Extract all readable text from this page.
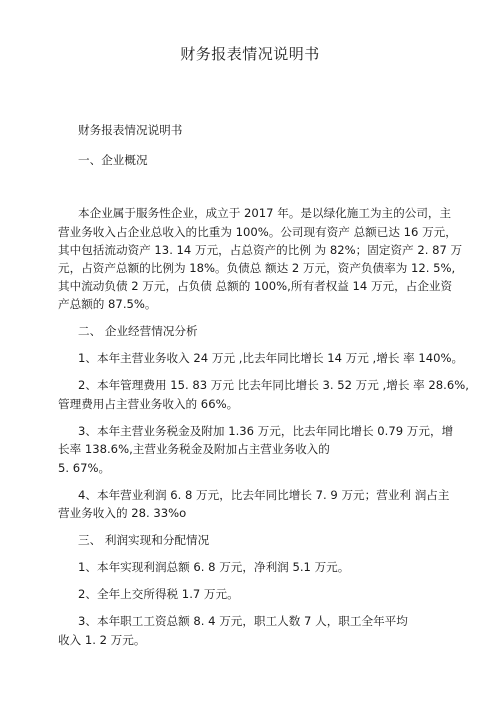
财务报表情况说明书
财务报表情况说明书
一、企业概况
本企业属于服务性企业，成立于 2017 年。是以绿化施工为主的公司，主
营业务收入占企业总收入的比重为 100%。公司现有资产 总额已达 16 万元，
其中包括流动资产 13. 14 万元，占总资产的比例 为 82%；固定资产 2. 87 万
元，占资产总额的比例为 18%。负债总 额达 2 万元，资产负债率为 12. 5%,
其中流动负债 2 万元，占负债 总额的 100%,所有者权益 14 万元，占企业资
产总额的 87.5%。
二、 企业经营情况分析
1、本年主营业务收入 24 万元 ,比去年同比增长 14 万元 ,增长 率 140%。
2、本年管理费用 15. 83 万元 比去年同比增长 3. 52 万元 ,增长 率 28.6%,
管理费用占主营业务收入的 66%。
3、本年主营业务税金及附加 1.36 万元，比去年同比增长 0.79 万元，增
长率 138.6%,主营业务税金及附加占主营业务收入的
5. 67%。
4、本年营业利润 6. 8 万元，比去年同比增长 7. 9 万元；营业利 润占主
营业务收入的 28. 33%o
三、 利润实现和分配情况
1、本年实现利润总额 6. 8 万元，净利润 5.1 万元。
2、全年上交所得税 1.7 万元。
3、本年职工工资总额 8. 4 万元，职工人数 7 人，职工全年平均
收入 1. 2 万元。
